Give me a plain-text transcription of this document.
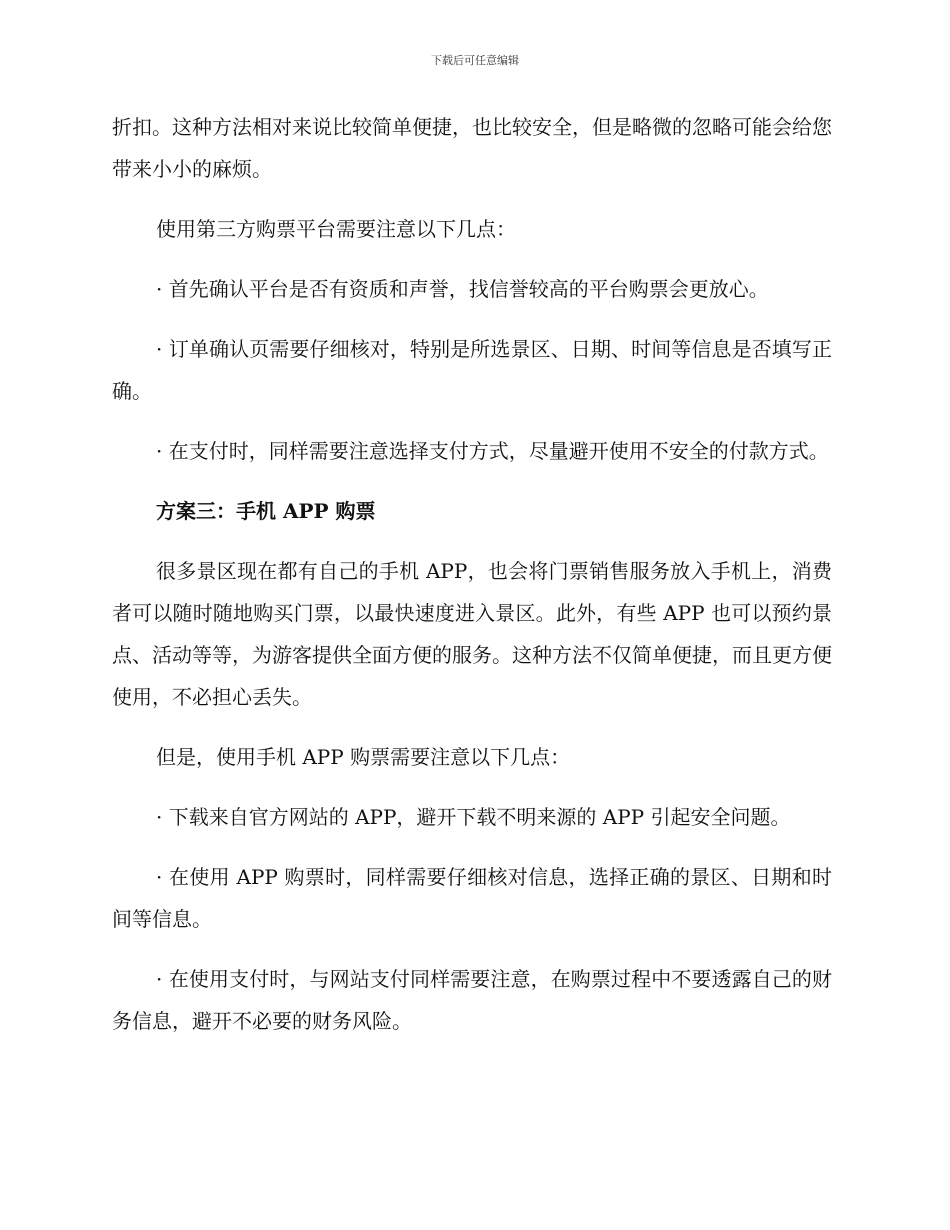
下载后可任意编辑

折扣。这种方法相对来说比较简单便捷，也比较安全，但是略微的忽略可能会给您带来小小的麻烦。

使用第三方购票平台需要注意以下几点：

· 首先确认平台是否有资质和声誉，找信誉较高的平台购票会更放心。

· 订单确认页需要仔细核对，特别是所选景区、日期、时间等信息是否填写正确。

· 在支付时，同样需要注意选择支付方式，尽量避开使用不安全的付款方式。

方案三：手机 APP 购票

很多景区现在都有自己的手机 APP，也会将门票销售服务放入手机上，消费者可以随时随地购买门票，以最快速度进入景区。此外，有些 APP 也可以预约景点、活动等等，为游客提供全面方便的服务。这种方法不仅简单便捷，而且更方便使用，不必担心丢失。

但是，使用手机 APP 购票需要注意以下几点：

· 下载来自官方网站的 APP，避开下载不明来源的 APP 引起安全问题。

· 在使用 APP 购票时，同样需要仔细核对信息，选择正确的景区、日期和时间等信息。

· 在使用支付时，与网站支付同样需要注意，在购票过程中不要透露自己的财务信息，避开不必要的财务风险。
